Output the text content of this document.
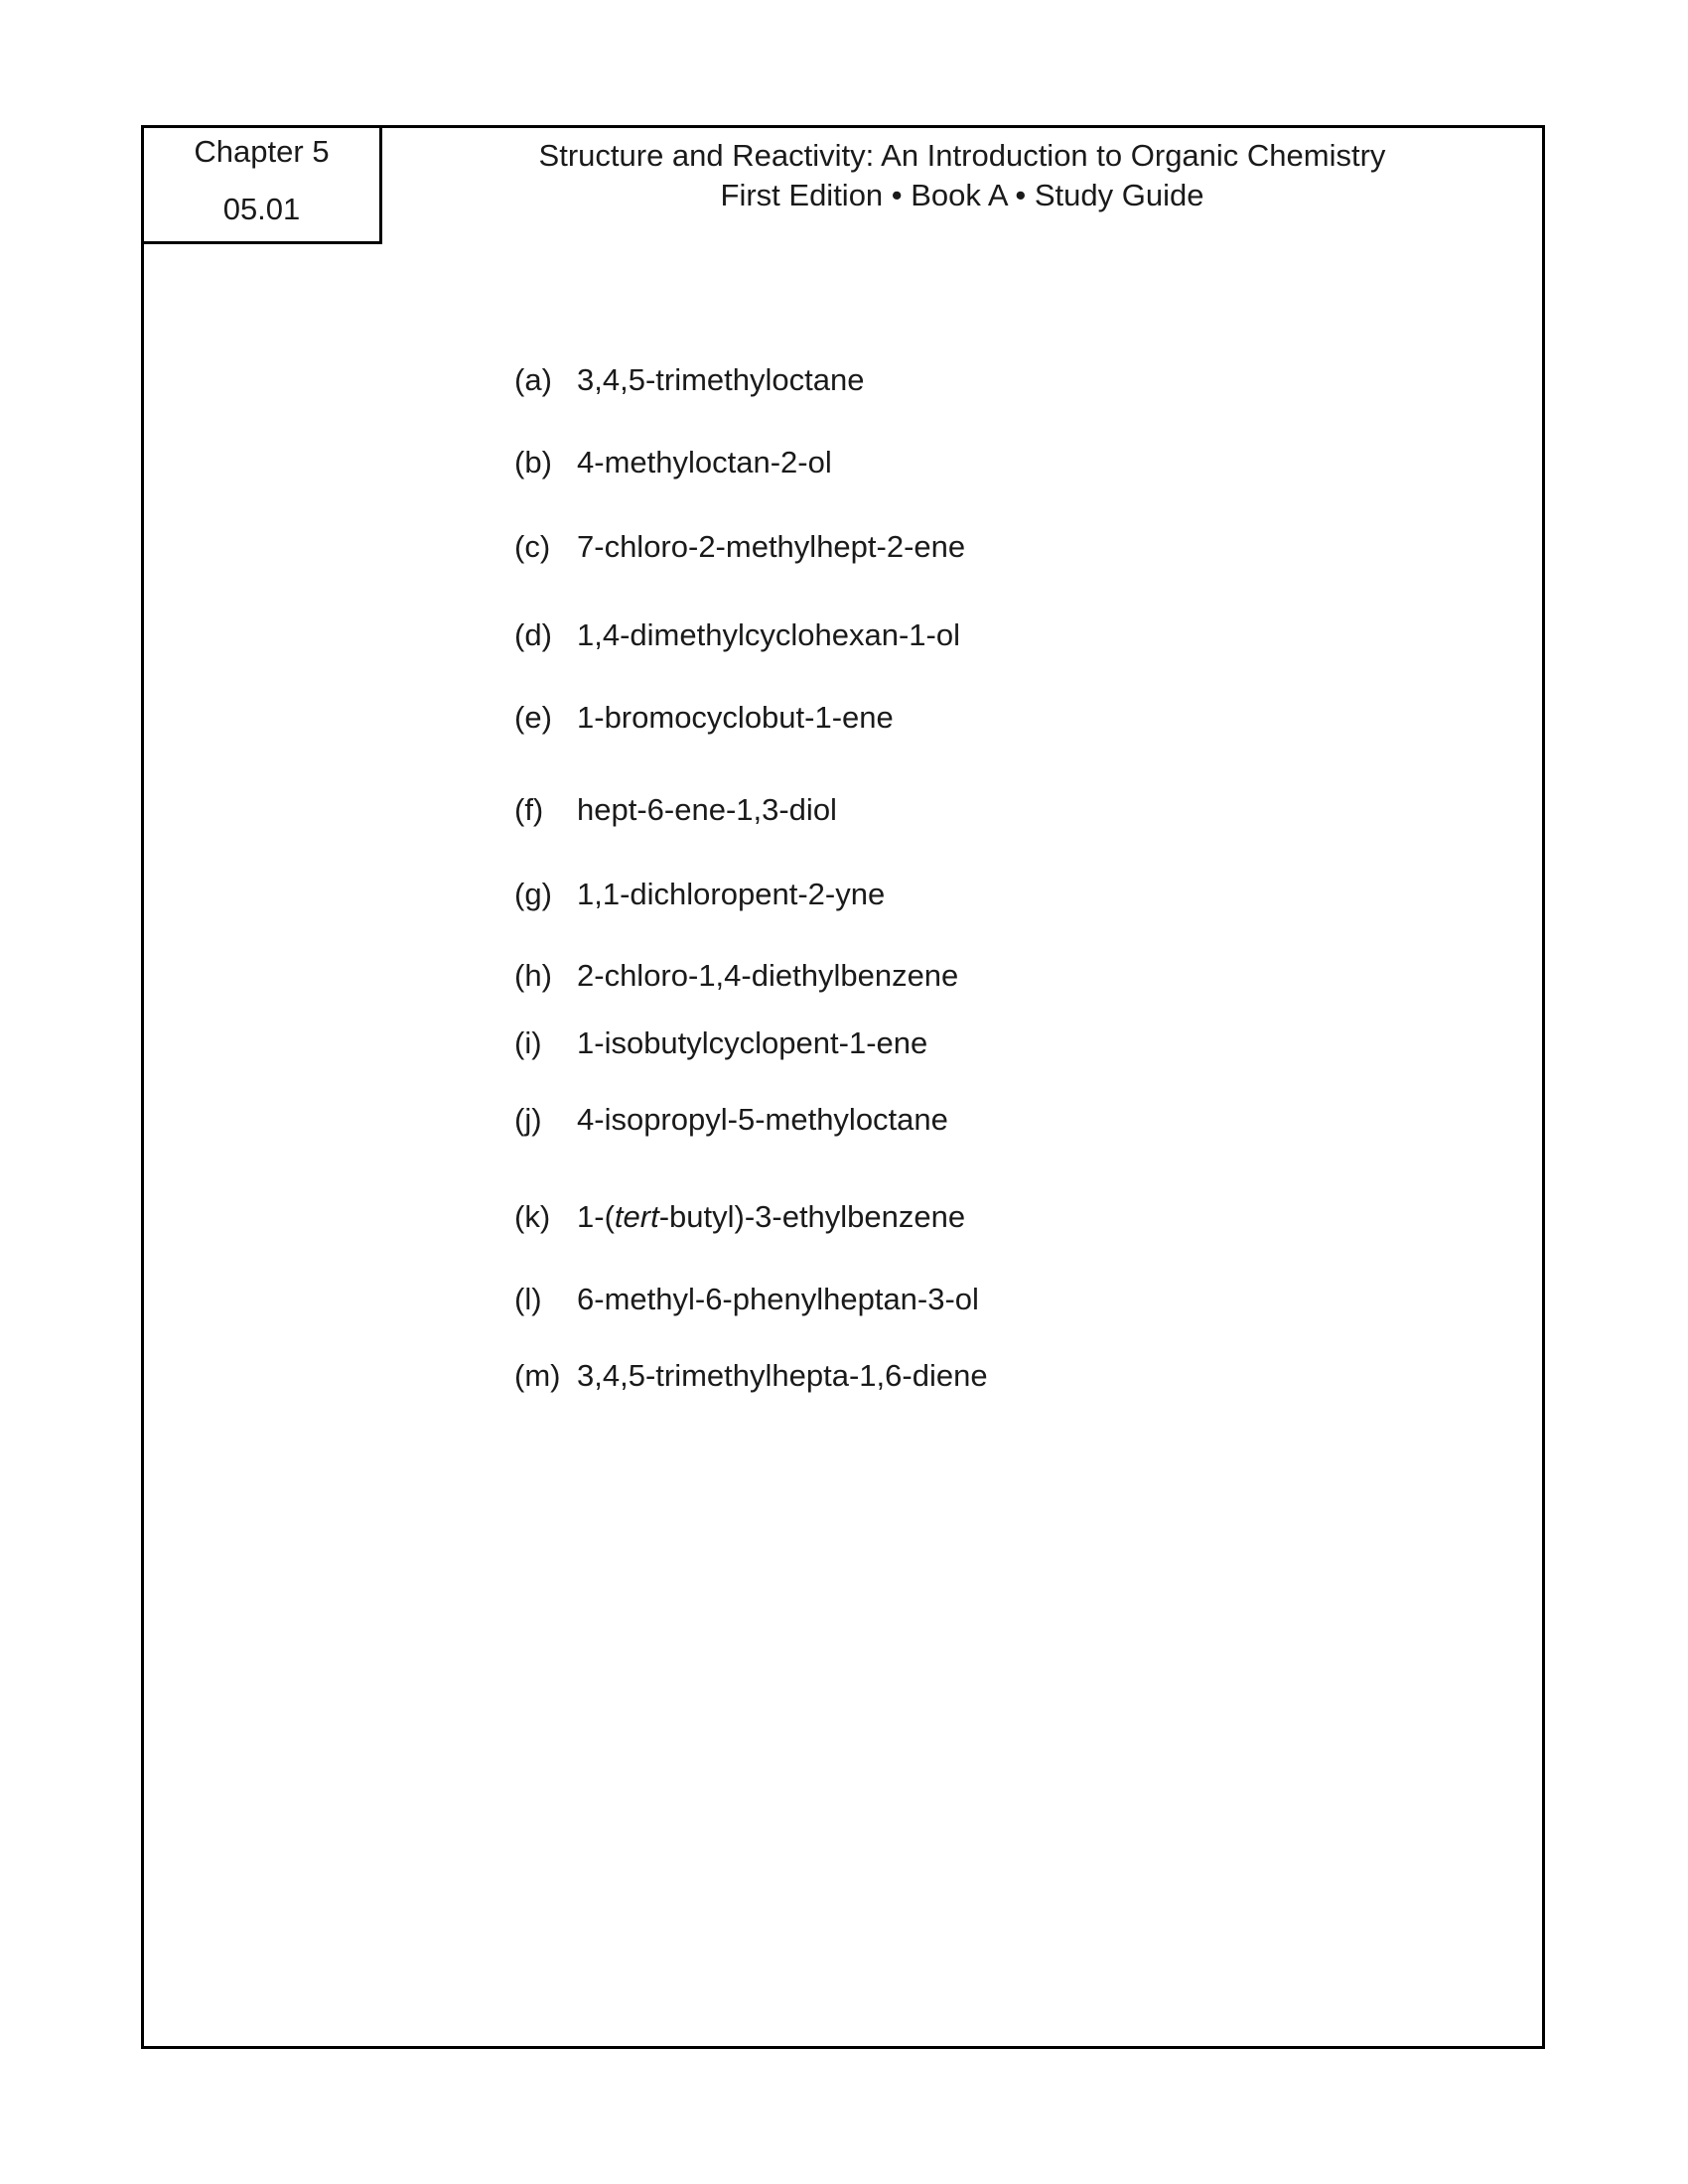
Chapter 5
05.01
Structure and Reactivity: An Introduction to Organic Chemistry
First Edition • Book A • Study Guide
(a) 3,4,5-trimethyloctane
(b) 4-methyloctan-2-ol
(c) 7-chloro-2-methylhept-2-ene
(d) 1,4-dimethylcyclohexan-1-ol
(e) 1-bromocyclobut-1-ene
(f) hept-6-ene-1,3-diol
(g) 1,1-dichloropent-2-yne
(h) 2-chloro-1,4-diethylbenzene
(i) 1-isobutylcyclopent-1-ene
(j) 4-isopropyl-5-methyloctane
(k) 1-(tert-butyl)-3-ethylbenzene
(l) 6-methyl-6-phenylheptan-3-ol
(m) 3,4,5-trimethylhepta-1,6-diene
